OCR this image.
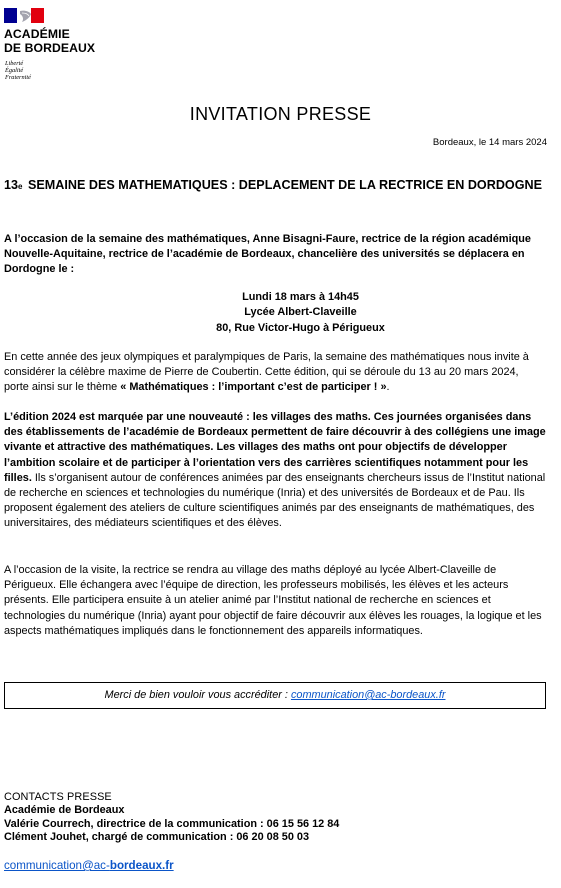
ACADÉMIE
DE BORDEAUX
Liberté
Égalité
Fraternité
INVITATION PRESSE
Bordeaux, le 14 mars 2024
13e SEMAINE DES MATHEMATIQUES : DEPLACEMENT DE LA RECTRICE EN DORDOGNE
A l’occasion de la semaine des mathématiques, Anne Bisagni-Faure, rectrice de la région académique Nouvelle-Aquitaine, rectrice de l’académie de Bordeaux, chancelière des universités se déplacera en Dordogne le :
Lundi 18 mars à 14h45
Lycée Albert-Claveille
80, Rue Victor-Hugo à Périgueux
En cette année des jeux olympiques et paralympiques de Paris, la semaine des mathématiques nous invite à considérer la célèbre maxime de Pierre de Coubertin. Cette édition, qui se déroule du 13 au 20 mars 2024, porte ainsi sur le thème « Mathématiques : l’important c’est de participer ! ».
L’édition 2024 est marquée par une nouveauté : les villages des maths. Ces journées organisées dans des établissements de l’académie de Bordeaux permettent de faire découvrir à des collégiens une image vivante et attractive des mathématiques. Les villages des maths ont pour objectifs de développer l’ambition scolaire et de participer à l’orientation vers des carrières scientifiques notamment pour les filles. Ils s’organisent autour de conférences animées par des enseignants chercheurs issus de l’Institut national de recherche en sciences et technologies du numérique (Inria) et des universités de Bordeaux et de Pau. Ils proposent également des ateliers de culture scientifiques animés par des enseignants de mathématiques, des universitaires, des médiateurs scientifiques et des élèves.
A l’occasion de la visite, la rectrice se rendra au village des maths déployé au lycée Albert-Claveille de Périgueux. Elle échangera avec l’équipe de direction, les professeurs mobilisés, les élèves et les acteurs présents. Elle participera ensuite à un atelier animé par l’Institut national de recherche en sciences et technologies du numérique (Inria) ayant pour objectif de faire découvrir aux élèves les rouages, la logique et les aspects mathématiques impliqués dans le fonctionnement des appareils informatiques.
Merci de bien vouloir vous accréditer : communication@ac-bordeaux.fr
CONTACTS PRESSE
Académie de Bordeaux
Valérie Courrech, directrice de la communication : 06 15 56 12 84
Clément Jouhet, chargé de communication : 06 20 08 50 03
communication@ac-bordeaux.fr
